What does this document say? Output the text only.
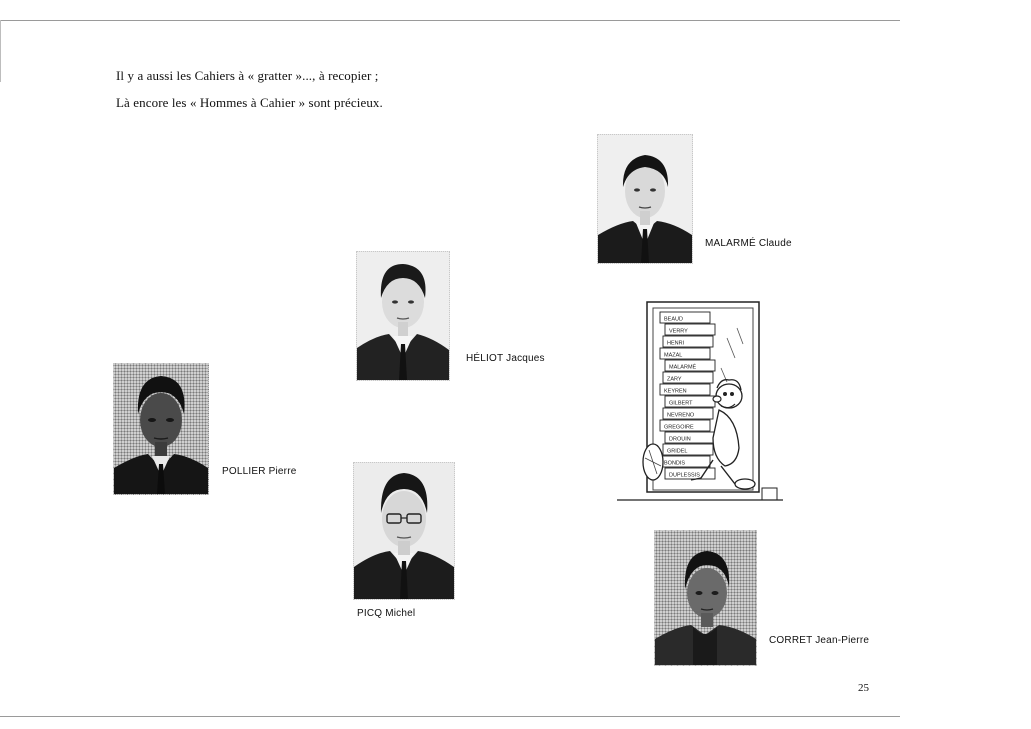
Il y a aussi les Cahiers à « gratter »..., à recopier ;
Là encore les « Hommes à Cahier » sont précieux.
MALARMÉ Claude
HÉLIOT Jacques
POLLIER Pierre
PICQ Michel
BEAUD
VERRY
HENRI
MAZAL
MALARMÉ
ZARY
KEYREN
GILBERT
NEVRENO
GREGOIRE
DROUIN
GRIDEL
BONDIS
DUPLESSIS
CORRET Jean-Pierre
25
